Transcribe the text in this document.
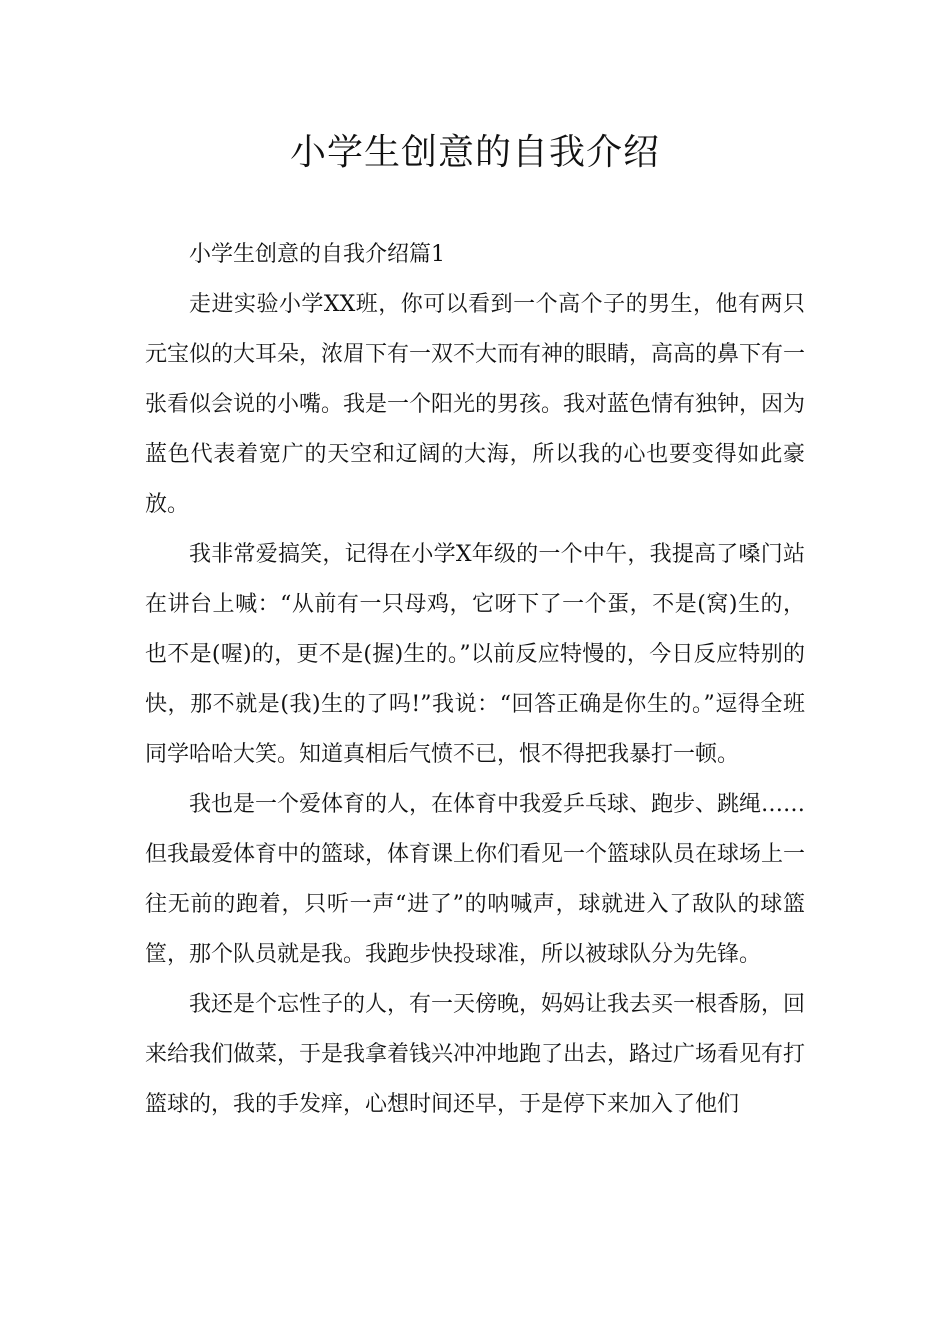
小学生创意的自我介绍

小学生创意的自我介绍篇1

走进实验小学XX班，你可以看到一个高个子的男生，他有两只元宝似的大耳朵，浓眉下有一双不大而有神的眼睛，高高的鼻下有一张看似会说的小嘴。我是一个阳光的男孩。我对蓝色情有独钟，因为蓝色代表着宽广的天空和辽阔的大海，所以我的心也要变得如此豪放。

我非常爱搞笑，记得在小学X年级的一个中午，我提高了嗓门站在讲台上喊：“从前有一只母鸡，它呀下了一个蛋，不是(窝)生的，也不是(喔)的，更不是(握)生的。”以前反应特慢的，今日反应特别的快，那不就是(我)生的了吗!”我说：“回答正确是你生的。”逗得全班同学哈哈大笑。知道真相后气愤不已，恨不得把我暴打一顿。

我也是一个爱体育的人，在体育中我爱乒乓球、跑步、跳绳……但我最爱体育中的篮球，体育课上你们看见一个篮球队员在球场上一往无前的跑着，只听一声“进了”的呐喊声，球就进入了敌队的球篮筐，那个队员就是我。我跑步快投球准，所以被球队分为先锋。

我还是个忘性子的人，有一天傍晚，妈妈让我去买一根香肠，回来给我们做菜，于是我拿着钱兴冲冲地跑了出去，路过广场看见有打篮球的，我的手发痒，心想时间还早，于是停下来加入了他们
